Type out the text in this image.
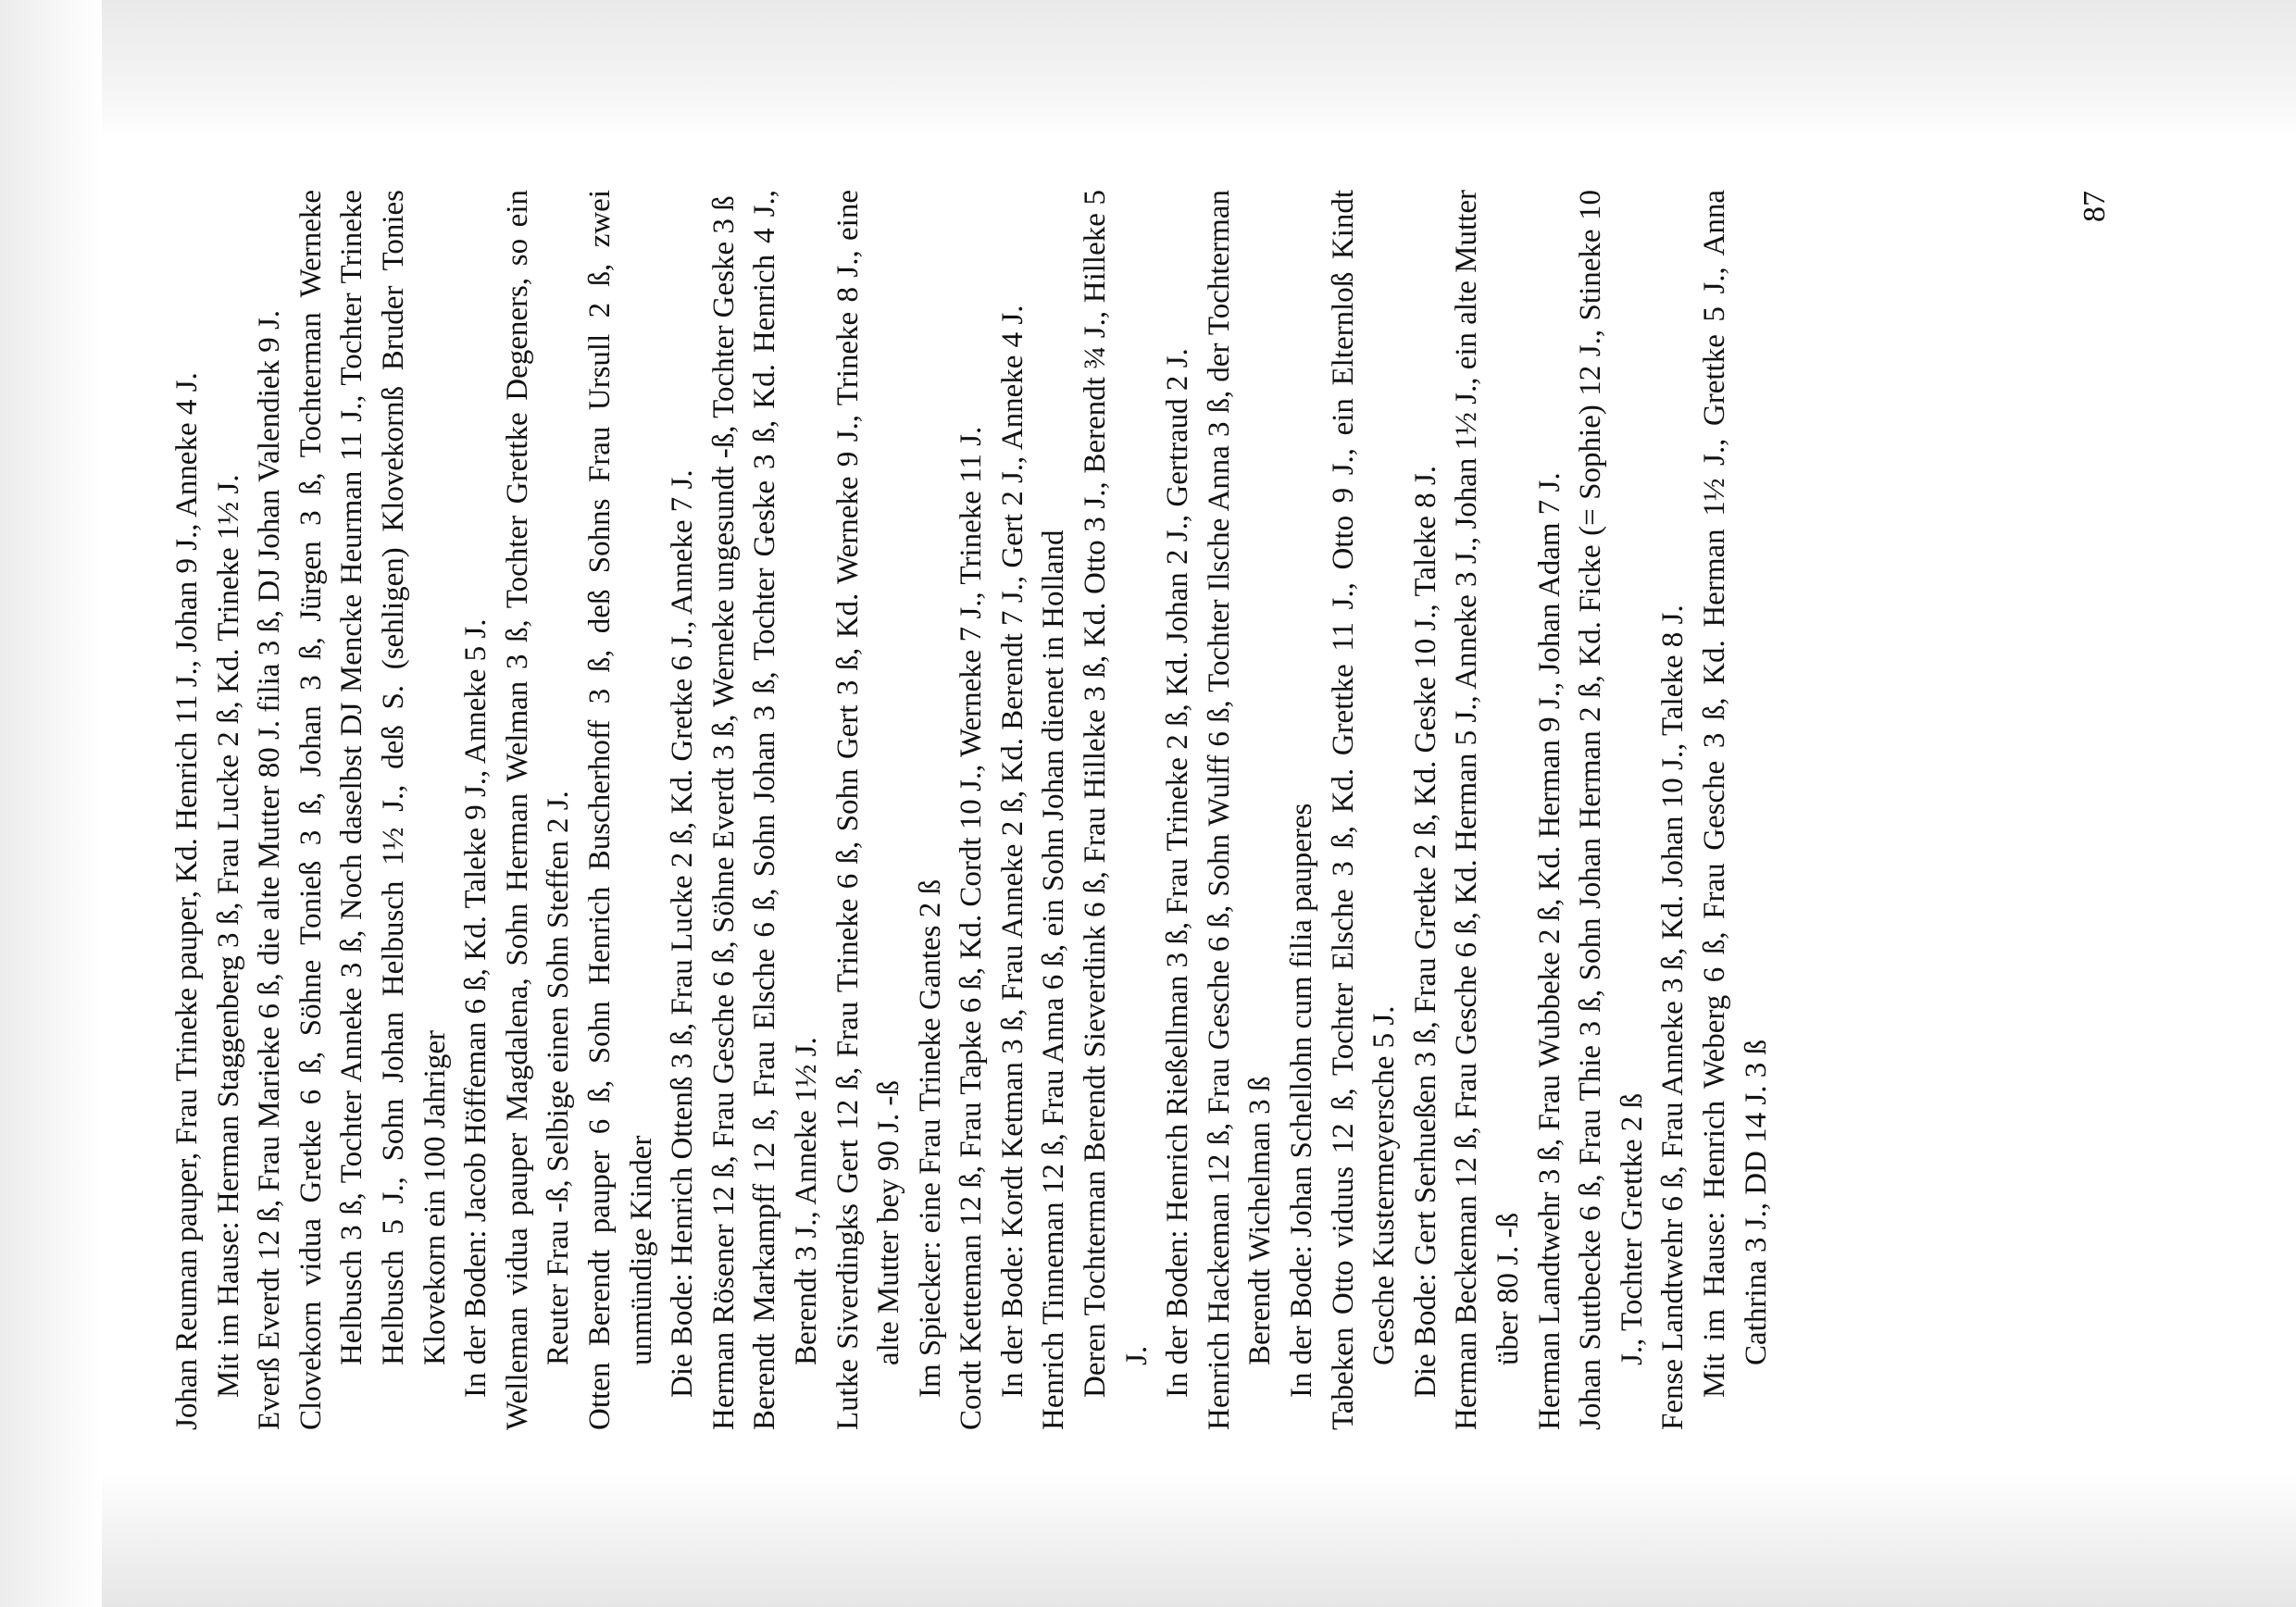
Johan Reuman pauper, Frau Trineke pauper, Kd. Henrich 11 J., Johan 9 J., Anneke 4 J. Mit im Hause: Herman Staggenberg 3 ß, Frau Lucke 2 ß, Kd. Trineke 1½ J. Everß Everdt 12 ß, Frau Marieke 6 ß, die alte Mutter 80 J. filia 3 ß, DJ Johan Valendiek 9 J. Clovekorn vidua Gretke 6 ß, Söhne Tonieß 3 ß, Johan 3 ß, Jürgen 3 ß, Tochterman Werneke Helbusch 3 ß, Tochter Anneke 3 ß, Noch daselbst DJ Mencke Heurman 11 J., Tochter Trineke Helbusch 5 J., Sohn Johan Helbusch 1½ J., deß S. (sehligen) Klovekornß Bruder Tonies Klovekorn ein 100 Jahriger In der Boden: Jacob Höffeman 6 ß, Kd. Taleke 9 J., Anneke 5 J. Welleman vidua pauper Magdalena, Sohn Herman Welman 3 ß, Tochter Grettke Degeners, so ein Reuter Frau -ß, Selbige einen Sohn Steffen 2 J. Otten Berendt pauper 6 ß, Sohn Henrich Buscherhoff 3 ß, deß Sohns Frau Ursull 2 ß, zwei unmündige Kinder Die Bode: Henrich Ottenß 3 ß, Frau Lucke 2 ß, Kd. Gretke 6 J., Anneke 7 J. Herman Rösener 12 ß, Frau Gesche 6 ß, Söhne Everdt 3 ß, Werneke ungesundt -ß, Tochter Geske 3 ß Berendt Markampff 12 ß, Frau Elsche 6 ß, Sohn Johan 3 ß, Tochter Geske 3 ß, Kd. Henrich 4 J., Berendt 3 J., Anneke 1½ J. Lutke Siverdingks Gert 12 ß, Frau Trineke 6 ß, Sohn Gert 3 ß, Kd. Werneke 9 J., Trineke 8 J., eine alte Mutter bey 90 J. -ß Im Spiecker: eine Frau Trineke Gantes 2 ß Cordt Ketteman 12 ß, Frau Tapke 6 ß, Kd. Cordt 10 J., Werneke 7 J., Trineke 11 J. In der Bode: Kordt Ketman 3 ß, Frau Anneke 2 ß, Kd. Berendt 7 J., Gert 2 J., Anneke 4 J. Henrich Tinneman 12 ß, Frau Anna 6 ß, ein Sohn Johan dienet in Holland Deren Tochterman Berendt Sieverdink 6 ß, Frau Hilleke 3 ß, Kd. Otto 3 J., Berendt ¾ J., Hilleke 5 J. In der Boden: Henrich Rießellman 3 ß, Frau Trineke 2 ß, Kd. Johan 2 J., Gertraud 2 J. Henrich Hackeman 12 ß, Frau Gesche 6 ß, Sohn Wulff 6 ß, Tochter Ilsche Anna 3 ß, der Tochterman Berendt Wichelman 3 ß In der Bode: Johan Schellohn cum filia pauperes Tabeken Otto viduus 12 ß, Tochter Elsche 3 ß, Kd. Grettke 11 J., Otto 9 J., ein Elternloß Kindt Gesche Kustermeyersche 5 J. Die Bode: Gert Serhueßen 3 ß, Frau Gretke 2 ß, Kd. Geske 10 J., Taleke 8 J. Herman Beckeman 12 ß, Frau Gesche 6 ß, Kd. Herman 5 J., Anneke 3 J., Johan 1½ J., ein alte Mutter über 80 J. -ß Herman Landtwehr 3 ß, Frau Wubbeke 2 ß, Kd. Herman 9 J., Johan Adam 7 J. Johan Suttbecke 6 ß, Frau Thie 3 ß, Sohn Johan Herman 2 ß, Kd. Ficke (= Sophie) 12 J., Stineke 10 J., Tochter Grettke 2 ß Fense Landtwehr 6 ß, Frau Anneke 3 ß, Kd. Johan 10 J., Taleke 8 J. Mit im Hause: Henrich Weberg 6 ß, Frau Gesche 3 ß, Kd. Herman 1½ J., Grettke 5 J., Anna Cathrina 3 J., DD 14 J. 3 ß

87
